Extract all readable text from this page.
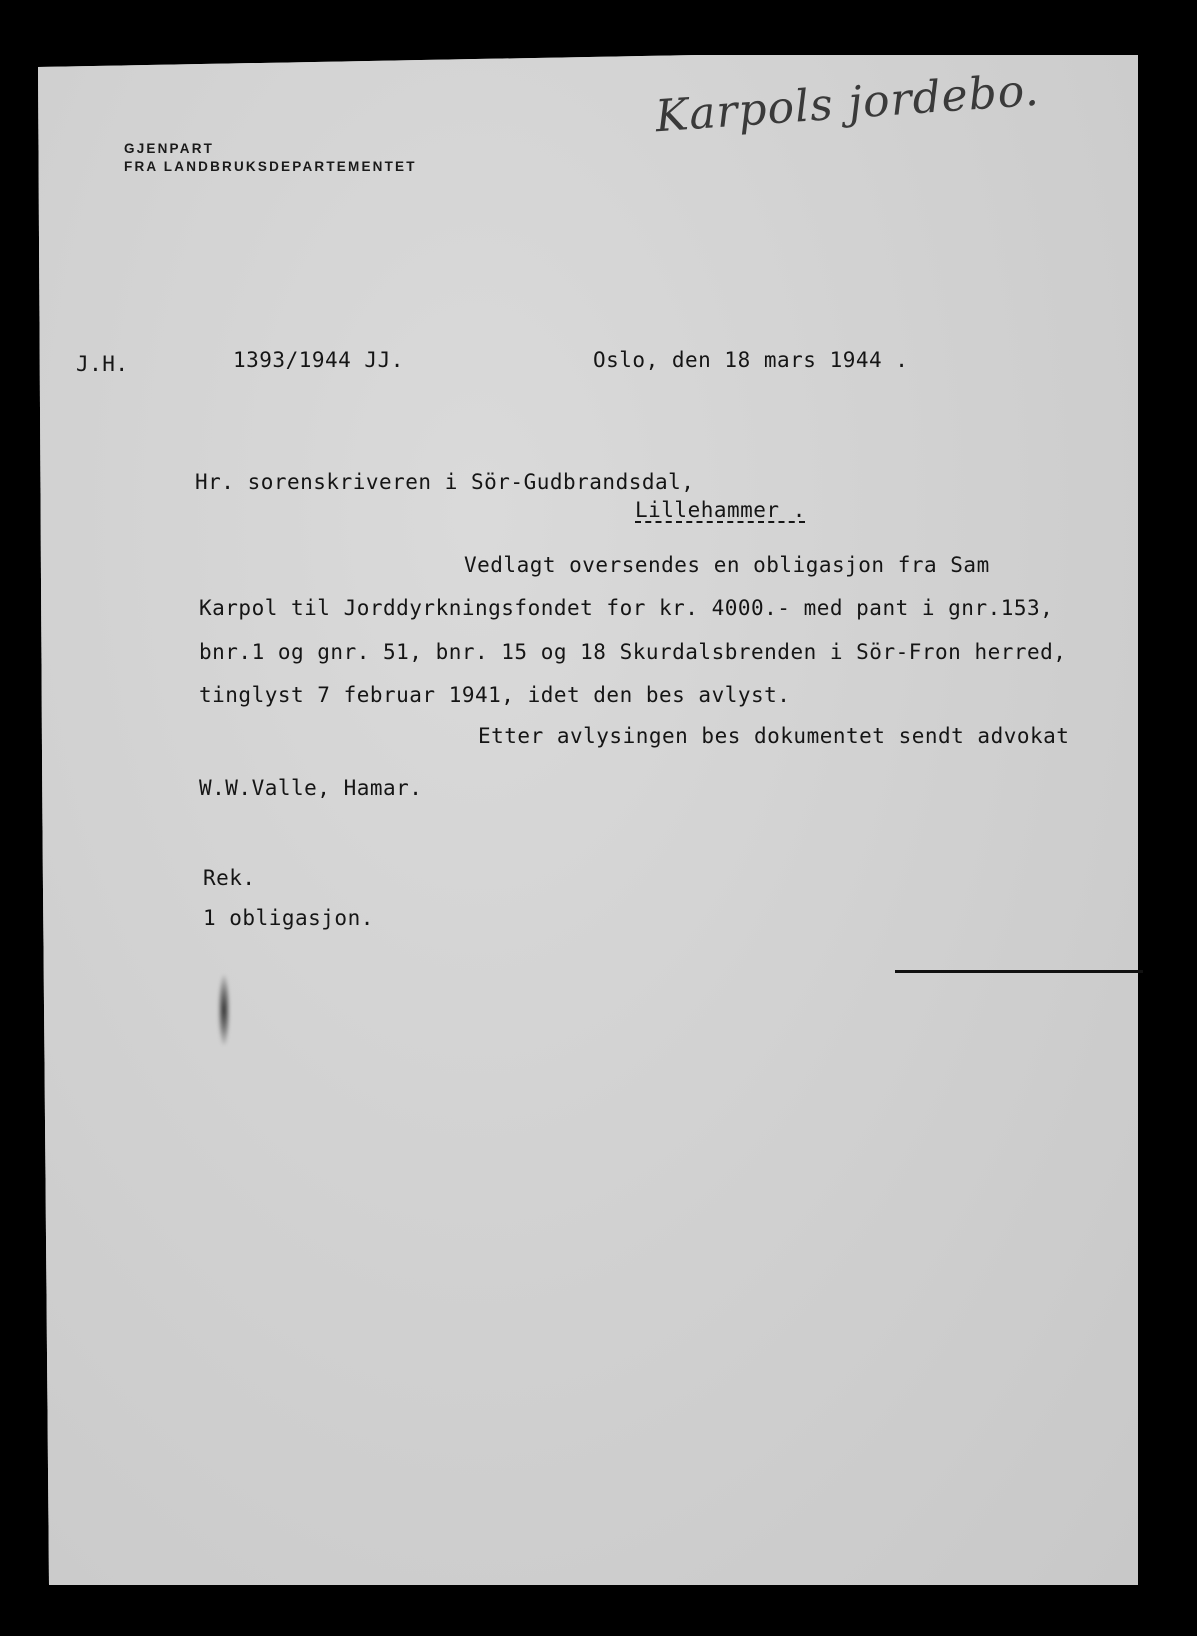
Karpols jordebo.
GJENPART
FRA LANDBRUKSDEPARTEMENTET
J.H.	1393/1944 JJ.	Oslo, den 18 mars 1944 .
Hr. sorenskriveren i Sör-Gudbrandsdal,
Lillehammer .
Vedlagt oversendes en obligasjon fra Sam
Karpol til Jorddyrkningsfondet for kr. 4000.- med pant i gnr.153,
bnr.1 og gnr. 51, bnr. 15 og 18 Skurdalsbrenden i Sör-Fron herred,
tinglyst 7 februar 1941, idet den bes avlyst.
Etter avlysingen bes dokumentet sendt advokat
W.W.Valle, Hamar.
Rek.
1 obligasjon.
